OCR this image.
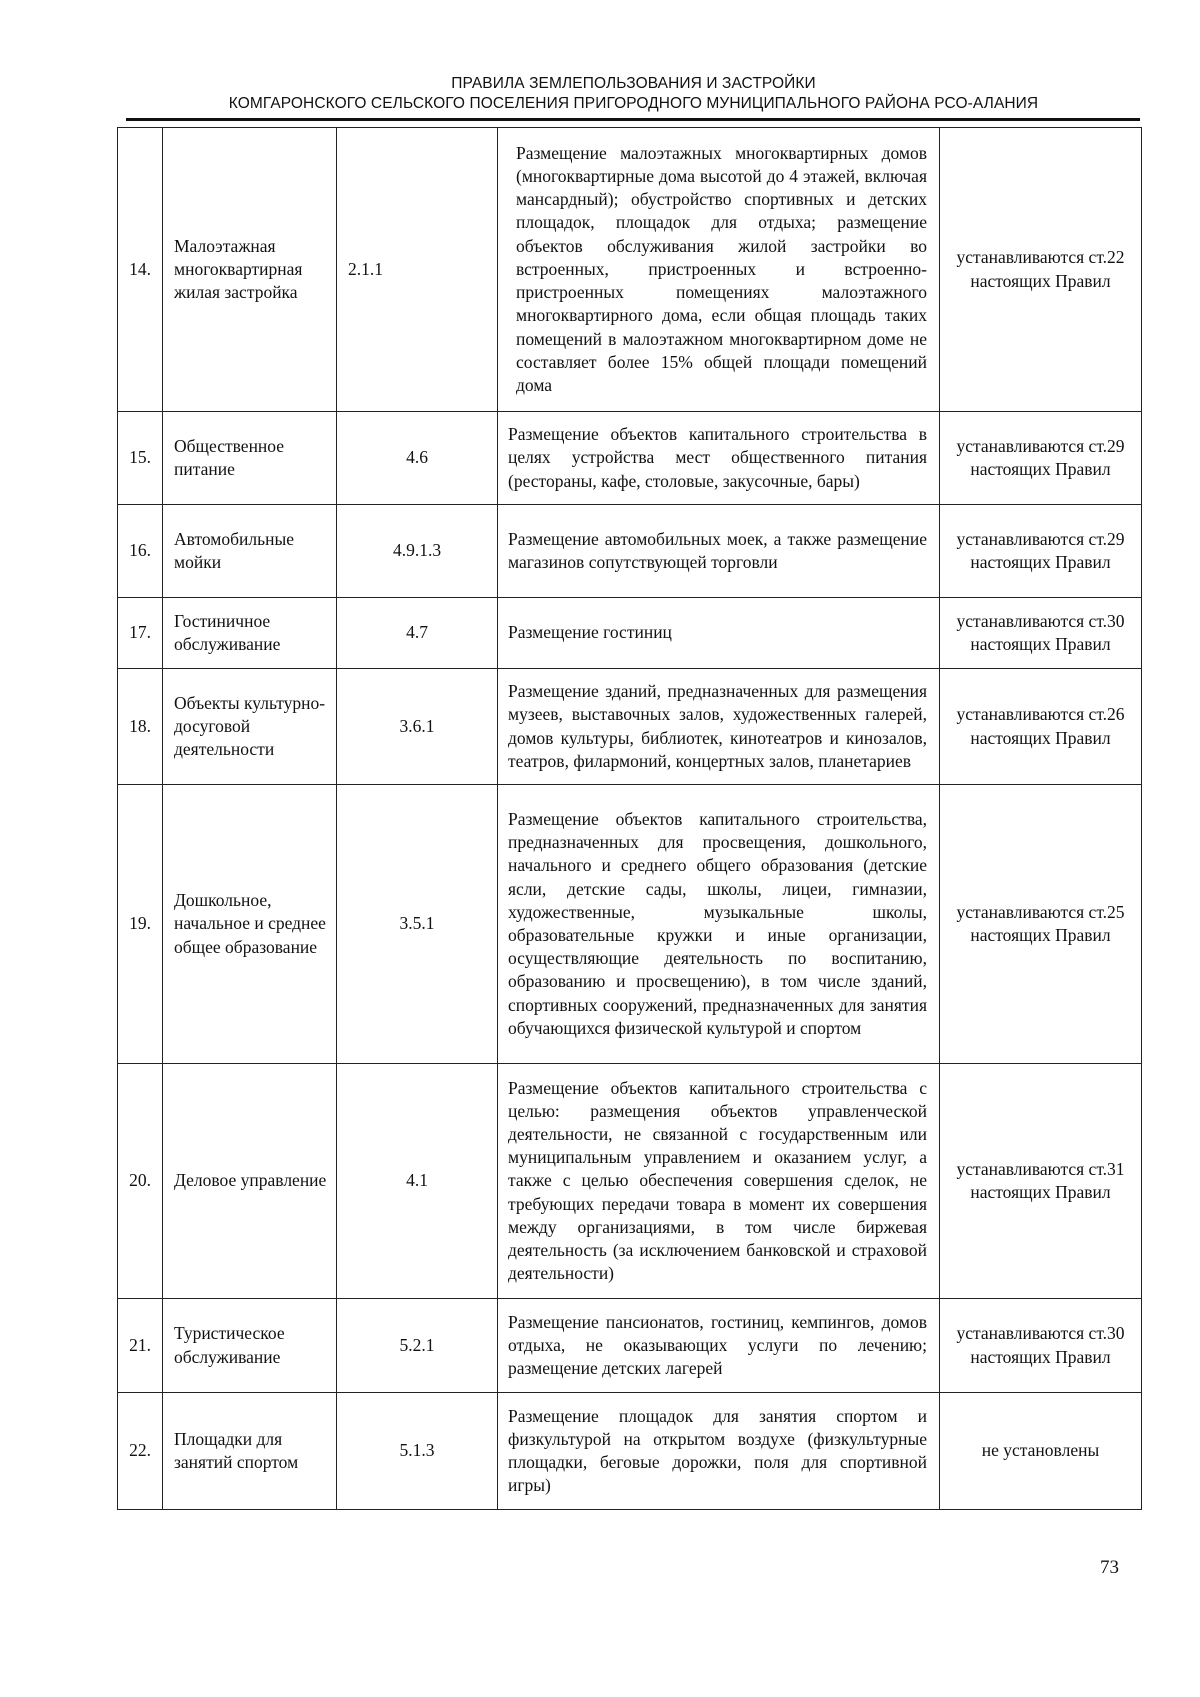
ПРАВИЛА ЗЕМЛЕПОЛЬЗОВАНИЯ И ЗАСТРОЙКИ
КОМГАРОНСКОГО СЕЛЬСКОГО ПОСЕЛЕНИЯ ПРИГОРОДНОГО МУНИЦИПАЛЬНОГО РАЙОНА РСО-АЛАНИЯ
14.	Малоэтажная многоквартирная жилая застройка	2.1.1	Размещение малоэтажных многоквартирных домов (многоквартирные дома высотой до 4 этажей, включая мансардный); обустройство спортивных и детских площадок, площадок для отдыха; размещение объектов обслуживания жилой застройки во встроенных, пристроенных и встроенно-пристроенных помещениях малоэтажного многоквартирного дома, если общая площадь таких помещений в малоэтажном многоквартирном доме не составляет более 15% общей площади помещений дома	устанавливаются ст.22 настоящих Правил
15.	Общественное питание	4.6	Размещение объектов капитального строительства в целях устройства мест общественного питания (рестораны, кафе, столовые, закусочные, бары)	устанавливаются ст.29 настоящих Правил
16.	Автомобильные мойки	4.9.1.3	Размещение автомобильных моек, а также размещение магазинов сопутствующей торговли	устанавливаются ст.29 настоящих Правил
17.	Гостиничное обслуживание	4.7	Размещение гостиниц	устанавливаются ст.30 настоящих Правил
18.	Объекты культурно-досуговой деятельности	3.6.1	Размещение зданий, предназначенных для размещения музеев, выставочных залов, художественных галерей, домов культуры, библиотек, кинотеатров и кинозалов, театров, филармоний, концертных залов, планетариев	устанавливаются ст.26 настоящих Правил
19.	Дошкольное, начальное и среднее общее образование	3.5.1	Размещение объектов капитального строительства, предназначенных для просвещения, дошкольного, начального и среднего общего образования (детские ясли, детские сады, школы, лицеи, гимназии, художественные, музыкальные школы, образовательные кружки и иные организации, осуществляющие деятельность по воспитанию, образованию и просвещению), в том числе зданий, спортивных сооружений, предназначенных для занятия обучающихся физической культурой и спортом	устанавливаются ст.25 настоящих Правил
20.	Деловое управление	4.1	Размещение объектов капитального строительства с целью: размещения объектов управленческой деятельности, не связанной с государственным или муниципальным управлением и оказанием услуг, а также с целью обеспечения совершения сделок, не требующих передачи товара в момент их совершения между организациями, в том числе биржевая деятельность (за исключением банковской и страховой деятельности)	устанавливаются ст.31 настоящих Правил
21.	Туристическое обслуживание	5.2.1	Размещение пансионатов, гостиниц, кемпингов, домов отдыха, не оказывающих услуги по лечению; размещение детских лагерей	устанавливаются ст.30 настоящих Правил
22.	Площадки для занятий спортом	5.1.3	Размещение площадок для занятия спортом и физкультурой на открытом воздухе (физкультурные площадки, беговые дорожки, поля для спортивной игры)	не установлены
73
